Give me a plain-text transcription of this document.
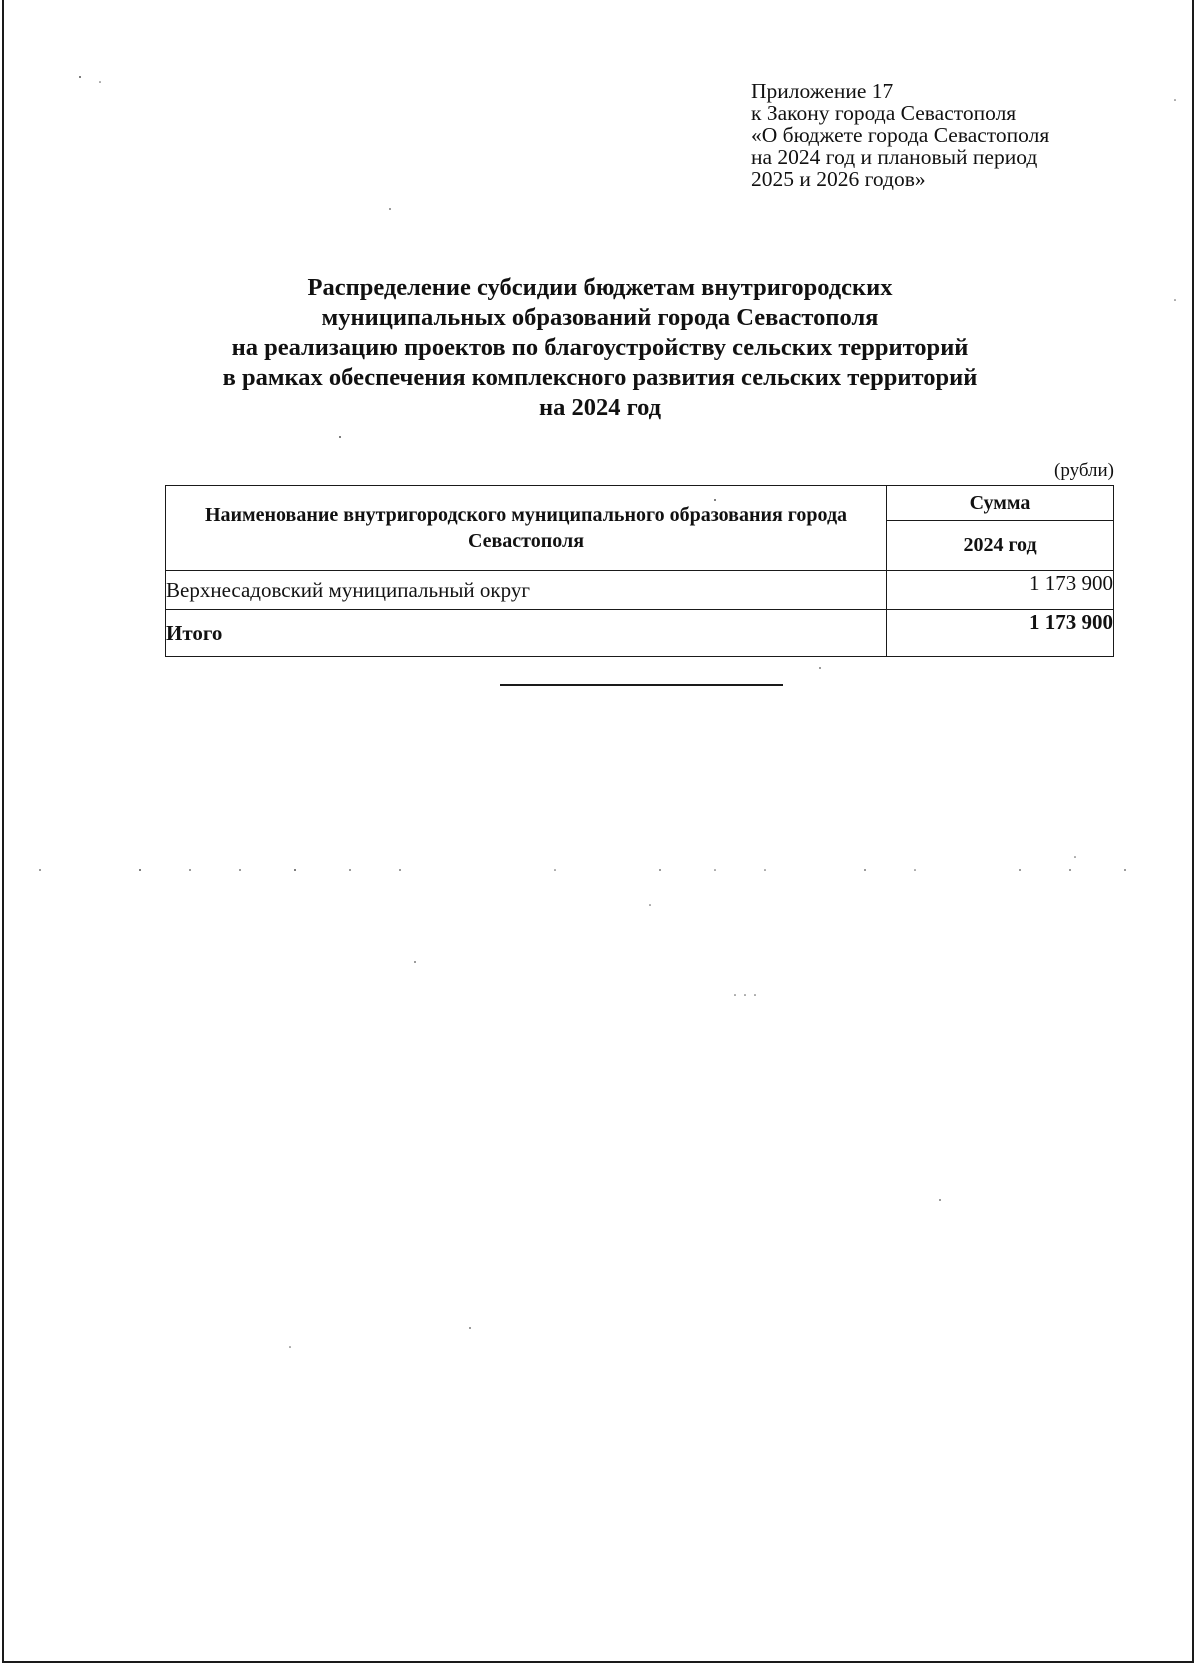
Приложение 17
к Закону города Севастополя
«О бюджете города Севастополя
на 2024 год и плановый период
2025 и 2026 годов»
Распределение субсидии бюджетам внутригородских
муниципальных образований города Севастополя
на реализацию проектов по благоустройству сельских территорий
в рамках обеспечения комплексного развития сельских территорий
на 2024 год
(рубли)
Наименование внутригородского муниципального образования города Севастополя	Сумма
	2024 год
Верхнесадовский муниципальный округ	1 173 900
Итого	1 173 900
